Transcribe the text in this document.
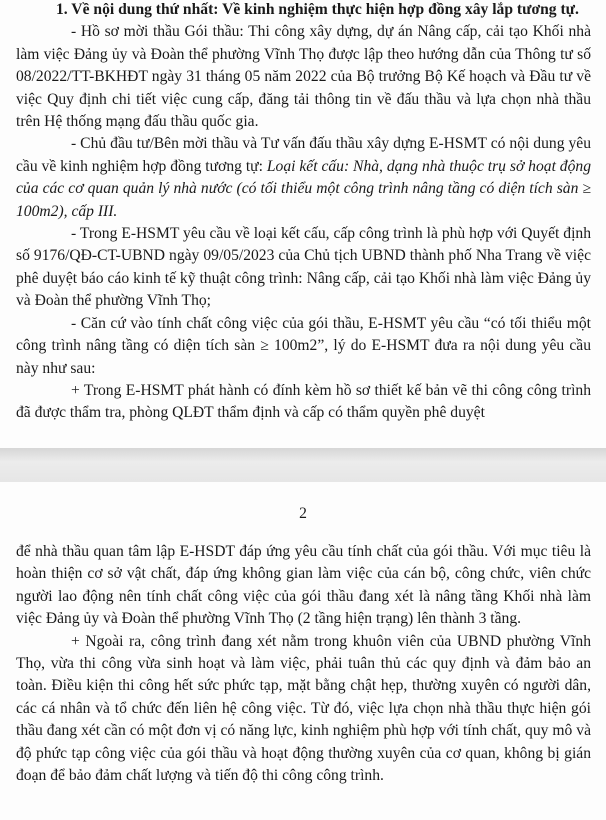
1. Về nội dung thứ nhất: Về kinh nghiệm thực hiện hợp đồng xây lắp tương tự.

- Hồ sơ mời thầu Gói thầu: Thi công xây dựng, dự án Nâng cấp, cải tạo Khối nhà làm việc Đảng ủy và Đoàn thể phường Vĩnh Thọ được lập theo hướng dẫn của Thông tư số 08/2022/TT-BKHĐT ngày 31 tháng 05 năm 2022 của Bộ trưởng Bộ Kế hoạch và Đầu tư về việc Quy định chi tiết việc cung cấp, đăng tải thông tin về đấu thầu và lựa chọn nhà thầu trên Hệ thống mạng đấu thầu quốc gia.

- Chủ đầu tư/Bên mời thầu và Tư vấn đấu thầu xây dựng E-HSMT có nội dung yêu cầu về kinh nghiệm hợp đồng tương tự: Loại kết cấu: Nhà, dạng nhà thuộc trụ sở hoạt động của các cơ quan quản lý nhà nước (có tối thiểu một công trình nâng tầng có diện tích sàn ≥ 100m2), cấp III.

- Trong E-HSMT yêu cầu về loại kết cấu, cấp công trình là phù hợp với Quyết định số 9176/QĐ-CT-UBND ngày 09/05/2023 của Chủ tịch UBND thành phố Nha Trang về việc phê duyệt báo cáo kinh tế kỹ thuật công trình: Nâng cấp, cải tạo Khối nhà làm việc Đảng ủy và Đoàn thể phường Vĩnh Thọ;

- Căn cứ vào tính chất công việc của gói thầu, E-HSMT yêu cầu “có tối thiểu một công trình nâng tầng có diện tích sàn ≥ 100m2”, lý do E-HSMT đưa ra nội dung yêu cầu này như sau:

+ Trong E-HSMT phát hành có đính kèm hồ sơ thiết kế bản vẽ thi công công trình đã được thẩm tra, phòng QLĐT thẩm định và cấp có thẩm quyền phê duyệt

2

để nhà thầu quan tâm lập E-HSDT đáp ứng yêu cầu tính chất của gói thầu. Với mục tiêu là hoàn thiện cơ sở vật chất, đáp ứng không gian làm việc của cán bộ, công chức, viên chức người lao động nên tính chất công việc của gói thầu đang xét là nâng tầng Khối nhà làm việc Đảng ủy và Đoàn thể phường Vĩnh Thọ (2 tầng hiện trạng) lên thành 3 tầng.

+ Ngoài ra, công trình đang xét nằm trong khuôn viên của UBND phường Vĩnh Thọ, vừa thi công vừa sinh hoạt và làm việc, phải tuân thủ các quy định và đảm bảo an toàn. Điều kiện thi công hết sức phức tạp, mặt bằng chật hẹp, thường xuyên có người dân, các cá nhân và tổ chức đến liên hệ công việc. Từ đó, việc lựa chọn nhà thầu thực hiện gói thầu đang xét cần có một đơn vị có năng lực, kinh nghiệm phù hợp với tính chất, quy mô và độ phức tạp công việc của gói thầu và hoạt động thường xuyên của cơ quan, không bị gián đoạn để bảo đảm chất lượng và tiến độ thi công công trình.
